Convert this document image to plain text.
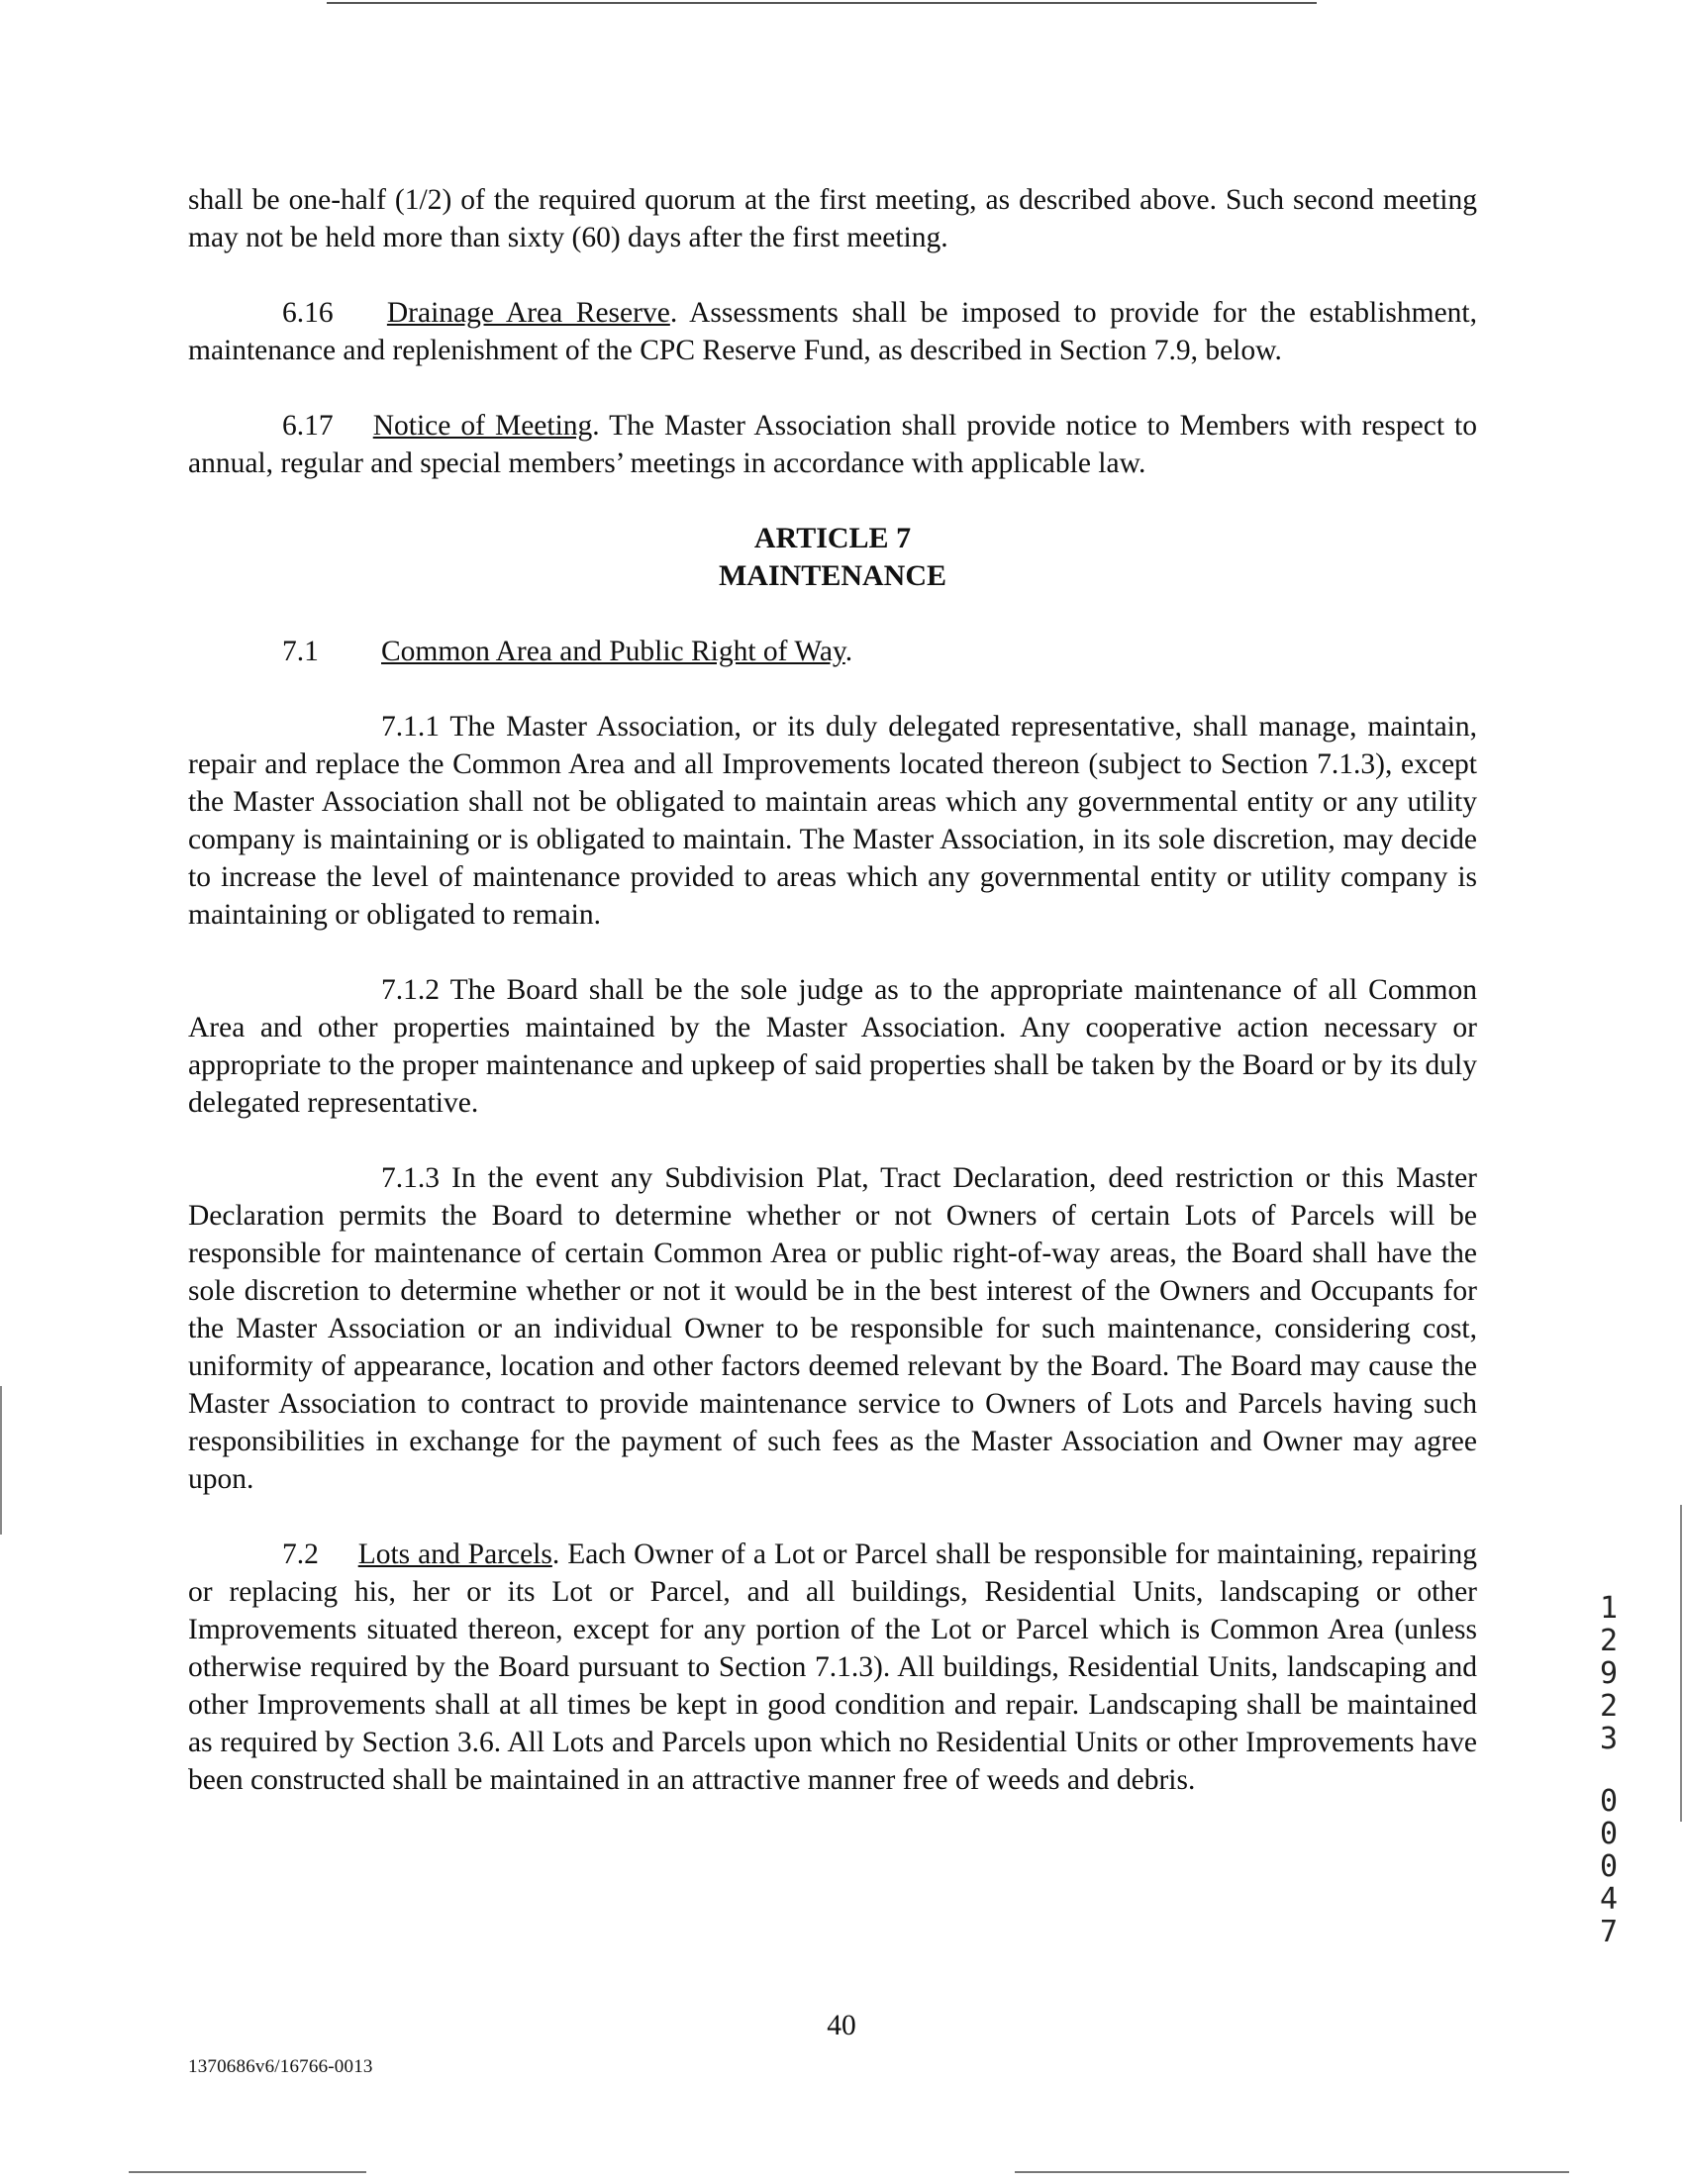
shall be one-half (1/2) of the required quorum at the first meeting, as described above. Such second meeting may not be held more than sixty (60) days after the first meeting.

6.16 Drainage Area Reserve. Assessments shall be imposed to provide for the establishment, maintenance and replenishment of the CPC Reserve Fund, as described in Section 7.9, below.

6.17 Notice of Meeting. The Master Association shall provide notice to Members with respect to annual, regular and special members’ meetings in accordance with applicable law.

ARTICLE 7
MAINTENANCE

7.1 Common Area and Public Right of Way.

7.1.1 The Master Association, or its duly delegated representative, shall manage, maintain, repair and replace the Common Area and all Improvements located thereon (subject to Section 7.1.3), except the Master Association shall not be obligated to maintain areas which any governmental entity or any utility company is maintaining or is obligated to maintain. The Master Association, in its sole discretion, may decide to increase the level of maintenance provided to areas which any governmental entity or utility company is maintaining or obligated to remain.

7.1.2 The Board shall be the sole judge as to the appropriate maintenance of all Common Area and other properties maintained by the Master Association. Any cooperative action necessary or appropriate to the proper maintenance and upkeep of said properties shall be taken by the Board or by its duly delegated representative.

7.1.3 In the event any Subdivision Plat, Tract Declaration, deed restriction or this Master Declaration permits the Board to determine whether or not Owners of certain Lots of Parcels will be responsible for maintenance of certain Common Area or public right-of-way areas, the Board shall have the sole discretion to determine whether or not it would be in the best interest of the Owners and Occupants for the Master Association or an individual Owner to be responsible for such maintenance, considering cost, uniformity of appearance, location and other factors deemed relevant by the Board. The Board may cause the Master Association to contract to provide maintenance service to Owners of Lots and Parcels having such responsibilities in exchange for the payment of such fees as the Master Association and Owner may agree upon.

7.2 Lots and Parcels. Each Owner of a Lot or Parcel shall be responsible for maintaining, repairing or replacing his, her or its Lot or Parcel, and all buildings, Residential Units, landscaping or other Improvements situated thereon, except for any portion of the Lot or Parcel which is Common Area (unless otherwise required by the Board pursuant to Section 7.1.3). All buildings, Residential Units, landscaping and other Improvements shall at all times be kept in good condition and repair. Landscaping shall be maintained as required by Section 3.6. All Lots and Parcels upon which no Residential Units or other Improvements have been constructed shall be maintained in an attractive manner free of weeds and debris.

40
1370686v6/16766-0013
1
2
9
2
3
0
0
0
4
7
